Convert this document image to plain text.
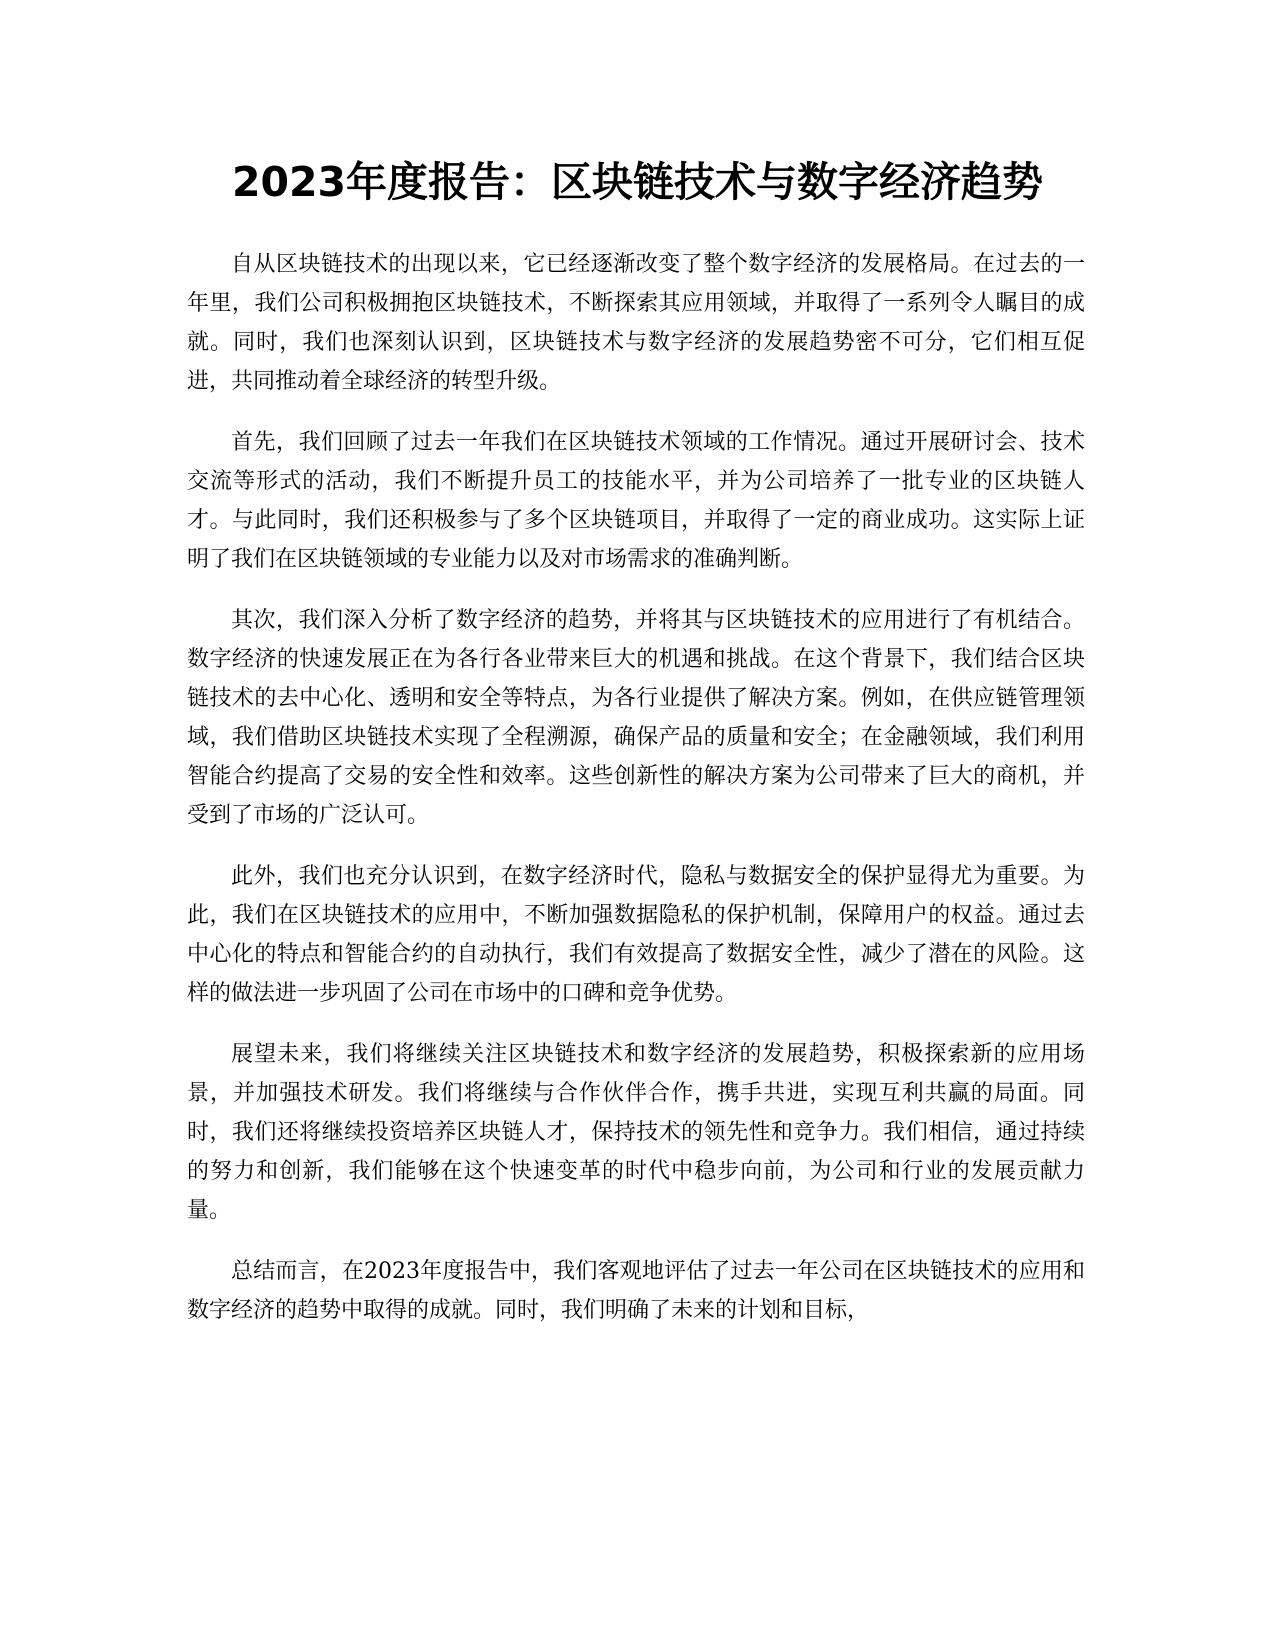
2023年度报告：区块链技术与数字经济趋势

自从区块链技术的出现以来，它已经逐渐改变了整个数字经济的发展格局。在过去的一年里，我们公司积极拥抱区块链技术，不断探索其应用领域，并取得了一系列令人瞩目的成就。同时，我们也深刻认识到，区块链技术与数字经济的发展趋势密不可分，它们相互促进，共同推动着全球经济的转型升级。

首先，我们回顾了过去一年我们在区块链技术领域的工作情况。通过开展研讨会、技术交流等形式的活动，我们不断提升员工的技能水平，并为公司培养了一批专业的区块链人才。与此同时，我们还积极参与了多个区块链项目，并取得了一定的商业成功。这实际上证明了我们在区块链领域的专业能力以及对市场需求的准确判断。

其次，我们深入分析了数字经济的趋势，并将其与区块链技术的应用进行了有机结合。数字经济的快速发展正在为各行各业带来巨大的机遇和挑战。在这个背景下，我们结合区块链技术的去中心化、透明和安全等特点，为各行业提供了解决方案。例如，在供应链管理领域，我们借助区块链技术实现了全程溯源，确保产品的质量和安全；在金融领域，我们利用智能合约提高了交易的安全性和效率。这些创新性的解决方案为公司带来了巨大的商机，并受到了市场的广泛认可。

此外，我们也充分认识到，在数字经济时代，隐私与数据安全的保护显得尤为重要。为此，我们在区块链技术的应用中，不断加强数据隐私的保护机制，保障用户的权益。通过去中心化的特点和智能合约的自动执行，我们有效提高了数据安全性，减少了潜在的风险。这样的做法进一步巩固了公司在市场中的口碑和竞争优势。

展望未来，我们将继续关注区块链技术和数字经济的发展趋势，积极探索新的应用场景，并加强技术研发。我们将继续与合作伙伴合作，携手共进，实现互利共赢的局面。同时，我们还将继续投资培养区块链人才，保持技术的领先性和竞争力。我们相信，通过持续的努力和创新，我们能够在这个快速变革的时代中稳步向前，为公司和行业的发展贡献力量。

总结而言，在2023年度报告中，我们客观地评估了过去一年公司在区块链技术的应用和数字经济的趋势中取得的成就。同时，我们明确了未来的计划和目标，
